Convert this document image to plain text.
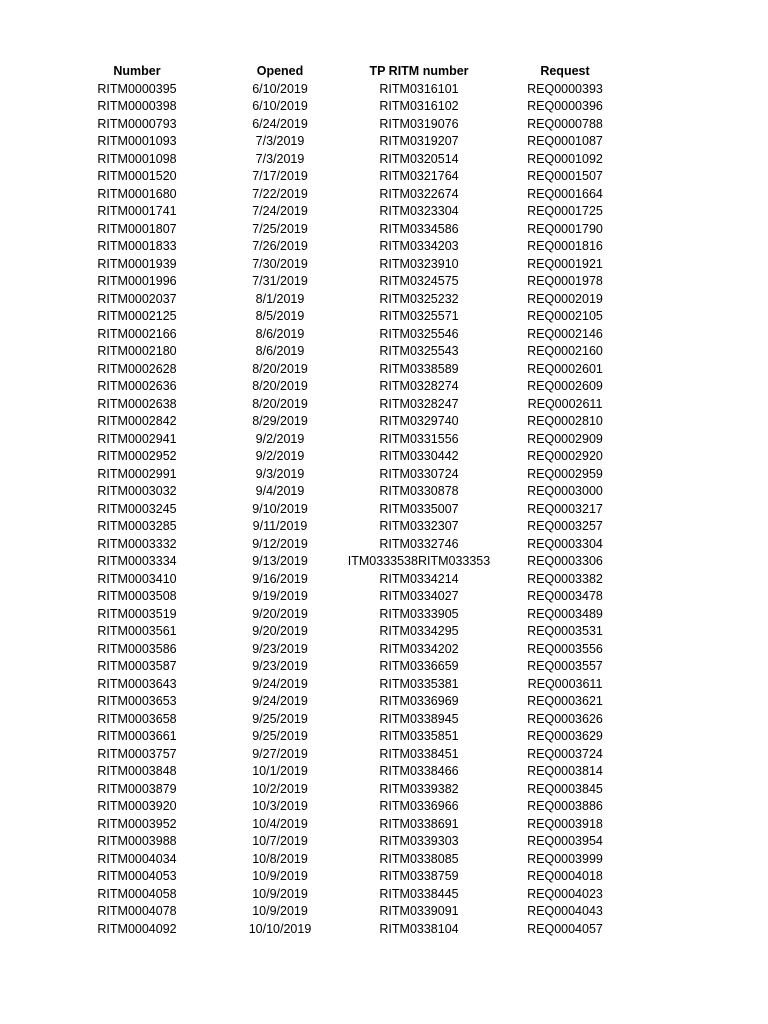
Number	Opened	TP RITM number	Request
RITM0000395	6/10/2019	RITM0316101	REQ0000393
RITM0000398	6/10/2019	RITM0316102	REQ0000396
RITM0000793	6/24/2019	RITM0319076	REQ0000788
RITM0001093	7/3/2019	RITM0319207	REQ0001087
RITM0001098	7/3/2019	RITM0320514	REQ0001092
RITM0001520	7/17/2019	RITM0321764	REQ0001507
RITM0001680	7/22/2019	RITM0322674	REQ0001664
RITM0001741	7/24/2019	RITM0323304	REQ0001725
RITM0001807	7/25/2019	RITM0334586	REQ0001790
RITM0001833	7/26/2019	RITM0334203	REQ0001816
RITM0001939	7/30/2019	RITM0323910	REQ0001921
RITM0001996	7/31/2019	RITM0324575	REQ0001978
RITM0002037	8/1/2019	RITM0325232	REQ0002019
RITM0002125	8/5/2019	RITM0325571	REQ0002105
RITM0002166	8/6/2019	RITM0325546	REQ0002146
RITM0002180	8/6/2019	RITM0325543	REQ0002160
RITM0002628	8/20/2019	RITM0338589	REQ0002601
RITM0002636	8/20/2019	RITM0328274	REQ0002609
RITM0002638	8/20/2019	RITM0328247	REQ0002611
RITM0002842	8/29/2019	RITM0329740	REQ0002810
RITM0002941	9/2/2019	RITM0331556	REQ0002909
RITM0002952	9/2/2019	RITM0330442	REQ0002920
RITM0002991	9/3/2019	RITM0330724	REQ0002959
RITM0003032	9/4/2019	RITM0330878	REQ0003000
RITM0003245	9/10/2019	RITM0335007	REQ0003217
RITM0003285	9/11/2019	RITM0332307	REQ0003257
RITM0003332	9/12/2019	RITM0332746	REQ0003304
RITM0003334	9/13/2019	ITM0333538RITM033353	REQ0003306
RITM0003410	9/16/2019	RITM0334214	REQ0003382
RITM0003508	9/19/2019	RITM0334027	REQ0003478
RITM0003519	9/20/2019	RITM0333905	REQ0003489
RITM0003561	9/20/2019	RITM0334295	REQ0003531
RITM0003586	9/23/2019	RITM0334202	REQ0003556
RITM0003587	9/23/2019	RITM0336659	REQ0003557
RITM0003643	9/24/2019	RITM0335381	REQ0003611
RITM0003653	9/24/2019	RITM0336969	REQ0003621
RITM0003658	9/25/2019	RITM0338945	REQ0003626
RITM0003661	9/25/2019	RITM0335851	REQ0003629
RITM0003757	9/27/2019	RITM0338451	REQ0003724
RITM0003848	10/1/2019	RITM0338466	REQ0003814
RITM0003879	10/2/2019	RITM0339382	REQ0003845
RITM0003920	10/3/2019	RITM0336966	REQ0003886
RITM0003952	10/4/2019	RITM0338691	REQ0003918
RITM0003988	10/7/2019	RITM0339303	REQ0003954
RITM0004034	10/8/2019	RITM0338085	REQ0003999
RITM0004053	10/9/2019	RITM0338759	REQ0004018
RITM0004058	10/9/2019	RITM0338445	REQ0004023
RITM0004078	10/9/2019	RITM0339091	REQ0004043
RITM0004092	10/10/2019	RITM0338104	REQ0004057
